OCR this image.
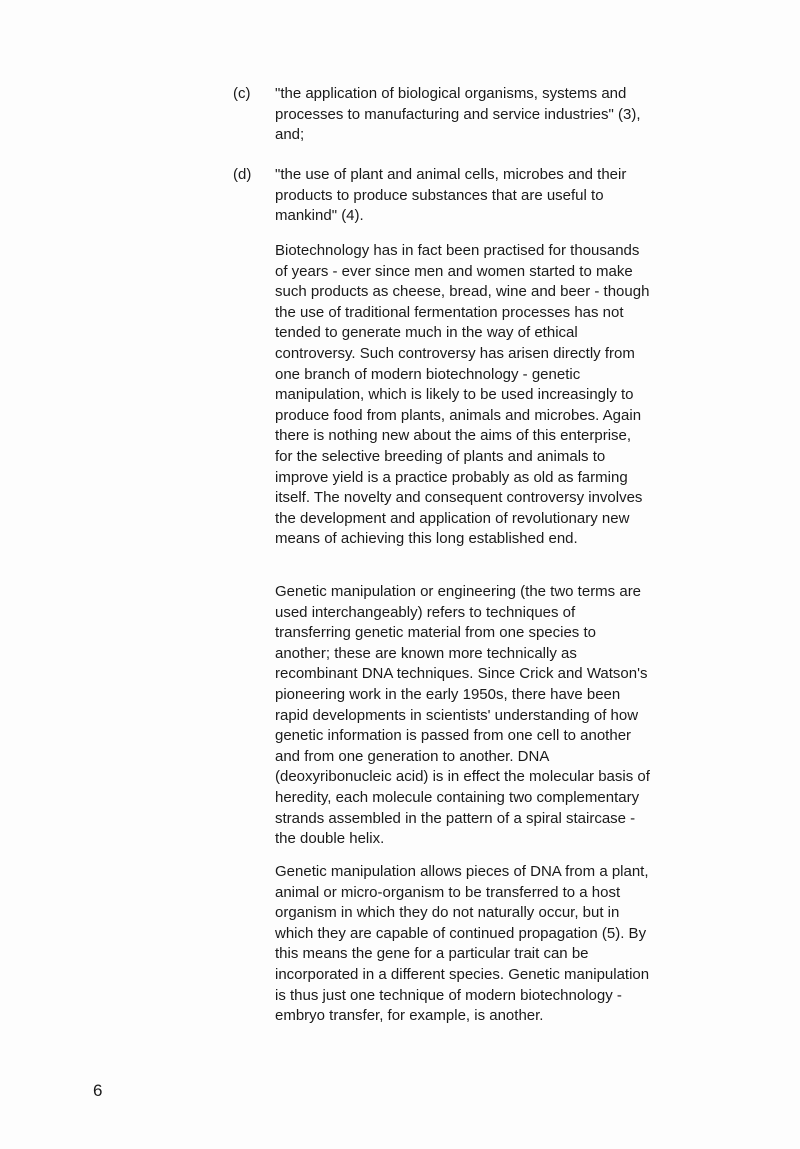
(c)	"the application of biological organisms, systems and processes to manufacturing and service industries" (3), and;
(d)	"the use of plant and animal cells, microbes and their products to produce substances that are useful to mankind" (4).

Biotechnology has in fact been practised for thousands of years - ever since men and women started to make such products as cheese, bread, wine and beer - though the use of traditional fermentation processes has not tended to generate much in the way of ethical controversy. Such controversy has arisen directly from one branch of modern biotechnology - genetic manipulation, which is likely to be used increasingly to produce food from plants, animals and microbes. Again there is nothing new about the aims of this enterprise, for the selective breeding of plants and animals to improve yield is a practice probably as old as farming itself. The novelty and consequent controversy involves the development and application of revolutionary new means of achieving this long established end.

Genetic manipulation or engineering (the two terms are used interchangeably) refers to techniques of transferring genetic material from one species to another; these are known more technically as recombinant DNA techniques. Since Crick and Watson's pioneering work in the early 1950s, there have been rapid developments in scientists' understanding of how genetic information is passed from one cell to another and from one generation to another. DNA (deoxyribonucleic acid) is in effect the molecular basis of heredity, each molecule containing two complementary strands assembled in the pattern of a spiral staircase - the double helix.

Genetic manipulation allows pieces of DNA from a plant, animal or micro-organism to be transferred to a host organism in which they do not naturally occur, but in which they are capable of continued propagation (5). By this means the gene for a particular trait can be incorporated in a different species. Genetic manipulation is thus just one technique of modern biotechnology - embryo transfer, for example, is another.

6
